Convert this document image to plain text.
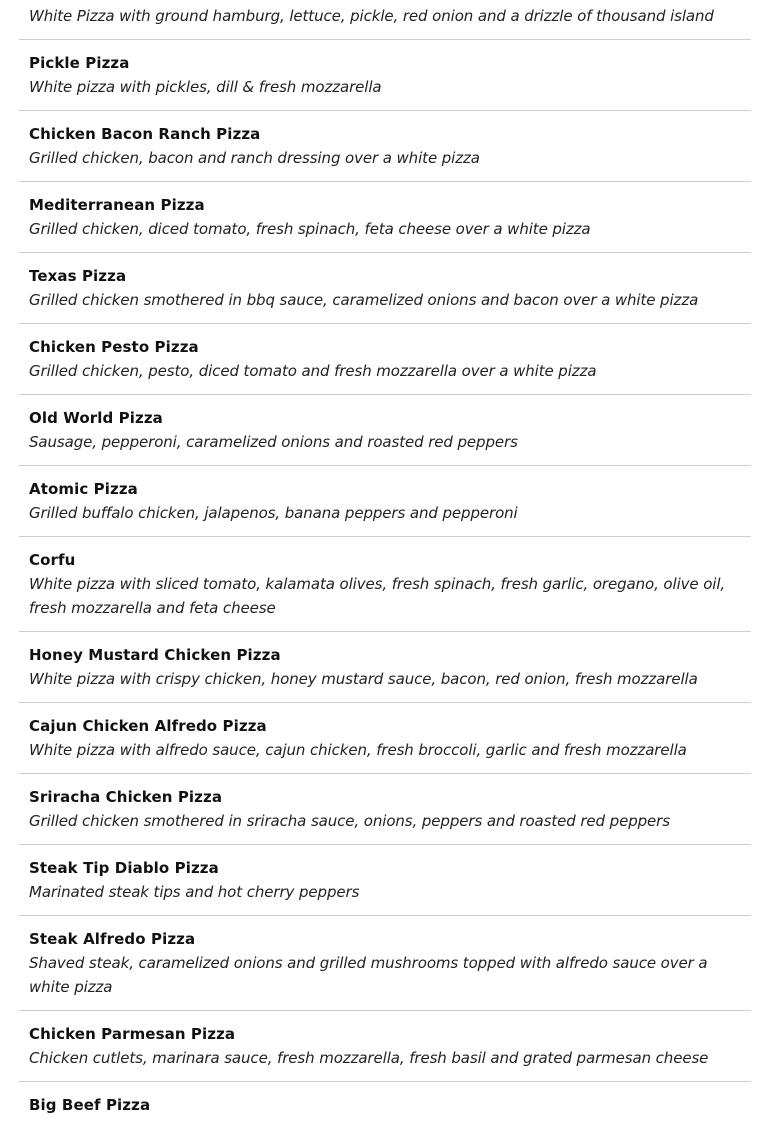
White Pizza with ground hamburg, lettuce, pickle, red onion and a drizzle of thousand island
Pickle Pizza
White pizza with pickles, dill & fresh mozzarella
Chicken Bacon Ranch Pizza
Grilled chicken, bacon and ranch dressing over a white pizza
Mediterranean Pizza
Grilled chicken, diced tomato, fresh spinach, feta cheese over a white pizza
Texas Pizza
Grilled chicken smothered in bbq sauce, caramelized onions and bacon over a white pizza
Chicken Pesto Pizza
Grilled chicken, pesto, diced tomato and fresh mozzarella over a white pizza
Old World Pizza
Sausage, pepperoni, caramelized onions and roasted red peppers
Atomic Pizza
Grilled buffalo chicken, jalapenos, banana peppers and pepperoni
Corfu
White pizza with sliced tomato, kalamata olives, fresh spinach, fresh garlic, oregano, olive oil, fresh mozzarella and feta cheese
Honey Mustard Chicken Pizza
White pizza with crispy chicken, honey mustard sauce, bacon, red onion, fresh mozzarella
Cajun Chicken Alfredo Pizza
White pizza with alfredo sauce, cajun chicken, fresh broccoli, garlic and fresh mozzarella
Sriracha Chicken Pizza
Grilled chicken smothered in sriracha sauce, onions, peppers and roasted red peppers
Steak Tip Diablo Pizza
Marinated steak tips and hot cherry peppers
Steak Alfredo Pizza
Shaved steak, caramelized onions and grilled mushrooms topped with alfredo sauce over a white pizza
Chicken Parmesan Pizza
Chicken cutlets, marinara sauce, fresh mozzarella, fresh basil and grated parmesan cheese
Big Beef Pizza
